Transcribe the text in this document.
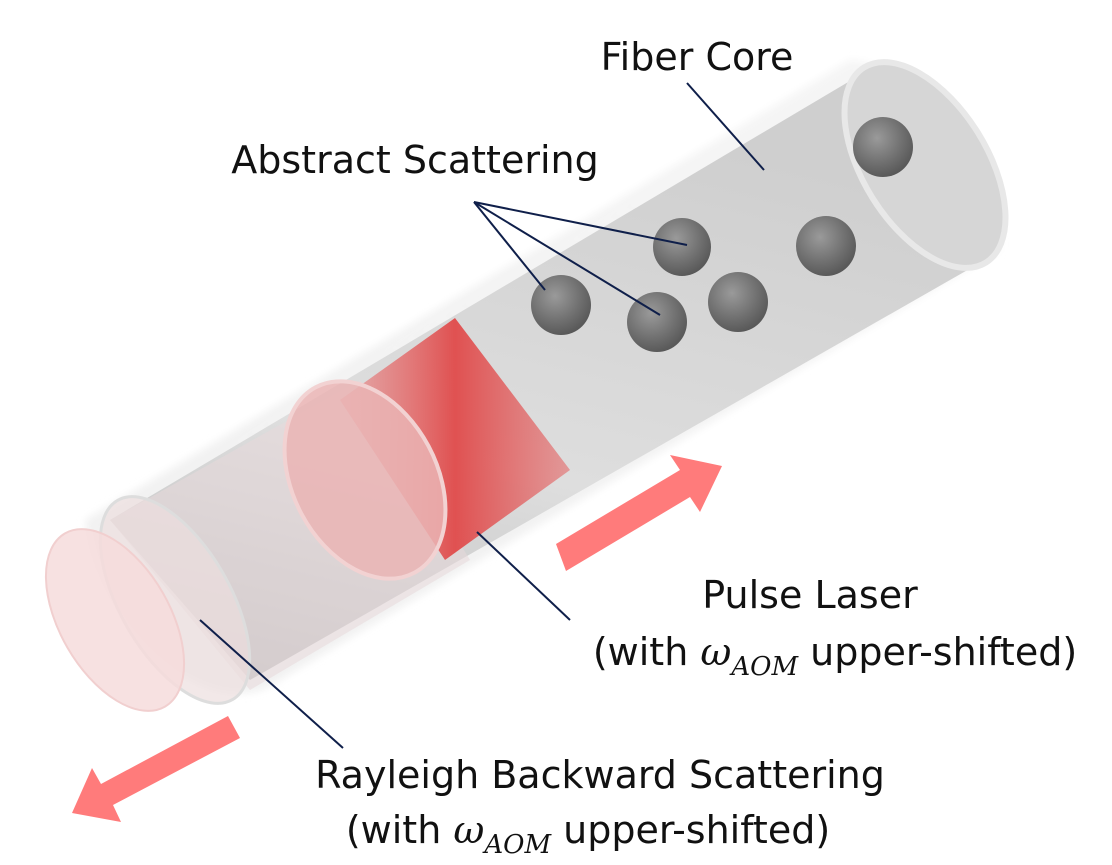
Fiber Core
Abstract Scattering
Pulse Laser
(with $\omega_{AOM}$ upper-shifted)
Rayleigh Backward Scattering
(with $\omega_{AOM}$ upper-shifted)
